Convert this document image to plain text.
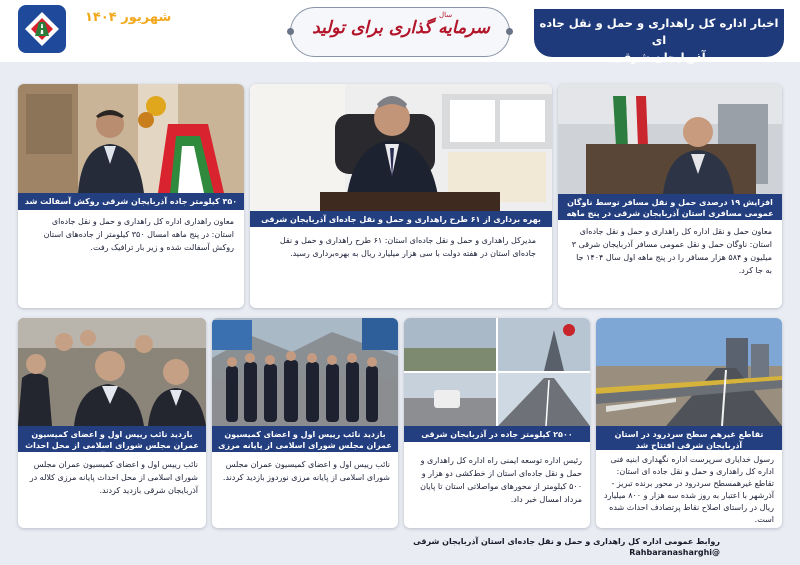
اخبار اداره کل راهداری و حمل و نقل جاده ای
آذربایجان شرقی
سال
سرمایه گذاری برای تولید
شهریور ۱۴۰۴
افزایش ۱۹ درصدی حمل و نقل مسافر توسط ناوگان عمومی مسافری استان آذربایجان شرقی در پنج ماهه اول سال
معاون حمل و نقل اداره کل راهداری و حمل و نقل جاده‌ای استان: ناوگان حمل و نقل عمومی مسافر آذربایجان شرقی ۳ میلیون و ۵۸۴ هزار مسافر را در پنج ماهه اول سال ۱۴۰۴ جا به جا کرد.
بهره برداری از ۶۱ طرح راهداری و حمل و نقل جاده‌ای آذربایجان شرقی در هفته دولت
مدیرکل راهداری و حمل و نقل جاده‌ای استان: ۶۱ طرح راهداری و حمل و نقل جاده‌ای استان در هفته دولت با سی هزار میلیارد ریال به بهره‌برداری رسید.
۳۵۰ کیلومتر جاده آذربایجان شرقی روکش آسفالت شد
معاون راهداری اداره کل راهداری و حمل و نقل جاده‌ای استان: در پنج ماهه امسال ۳۵۰ کیلومتر از جاده‌های استان روکش آسفالت شده و زیر بار ترافیک رفت.
تقاطع غیرهم سطح سردرود در استان آذربایجان شرقی افتتاح شد
رسول خدایاری سرپرست اداره نگهداری ابنیه فنی اداره کل راهداری و حمل و نقل جاده ای استان: تقاطع غیرهمسطح سردرود در محور برنده تبریز - آذرشهر با اعتبار به روز شده سه هزار و ۸۰۰ میلیارد ریال در راستای اصلاح نقاط پرتصادف احداث شده است.
۲۵۰۰ کیلومتر جاده در آذربایجان شرقی خط‌کشی شد
رئیس اداره توسعه ایمنی راه اداره کل راهداری و حمل و نقل جاده‌ای استان از خط‌کشی دو هزار و ۵۰۰ کیلومتر از محورهای مواصلاتی استان تا پایان مرداد امسال خبر داد.
بازدید نائب رییس اول و اعضای کمیسیون عمران مجلس شورای اسلامی از پایانه مرزی نوردوز
نائب رییس اول و اعضای کمیسیون عمران مجلس شورای اسلامی از پایانه مرزی نوردوز بازدید کردند.
بازدید نائب رییس اول و اعضای کمیسیون عمران مجلس شورای اسلامی از محل احداث پایانه مرزی کلاله در آذربایجان شرقی
نائب رییس اول و اعضای کمیسیون عمران مجلس شورای اسلامی از محل احداث پایانه مرزی کلاله در آذربایجان شرقی بازدید کردند.
روابط عمومی اداره کل راهداری و حمل و نقل جاده‌ای استان آذربایجان شرقی
@Rahbaranasharghi
